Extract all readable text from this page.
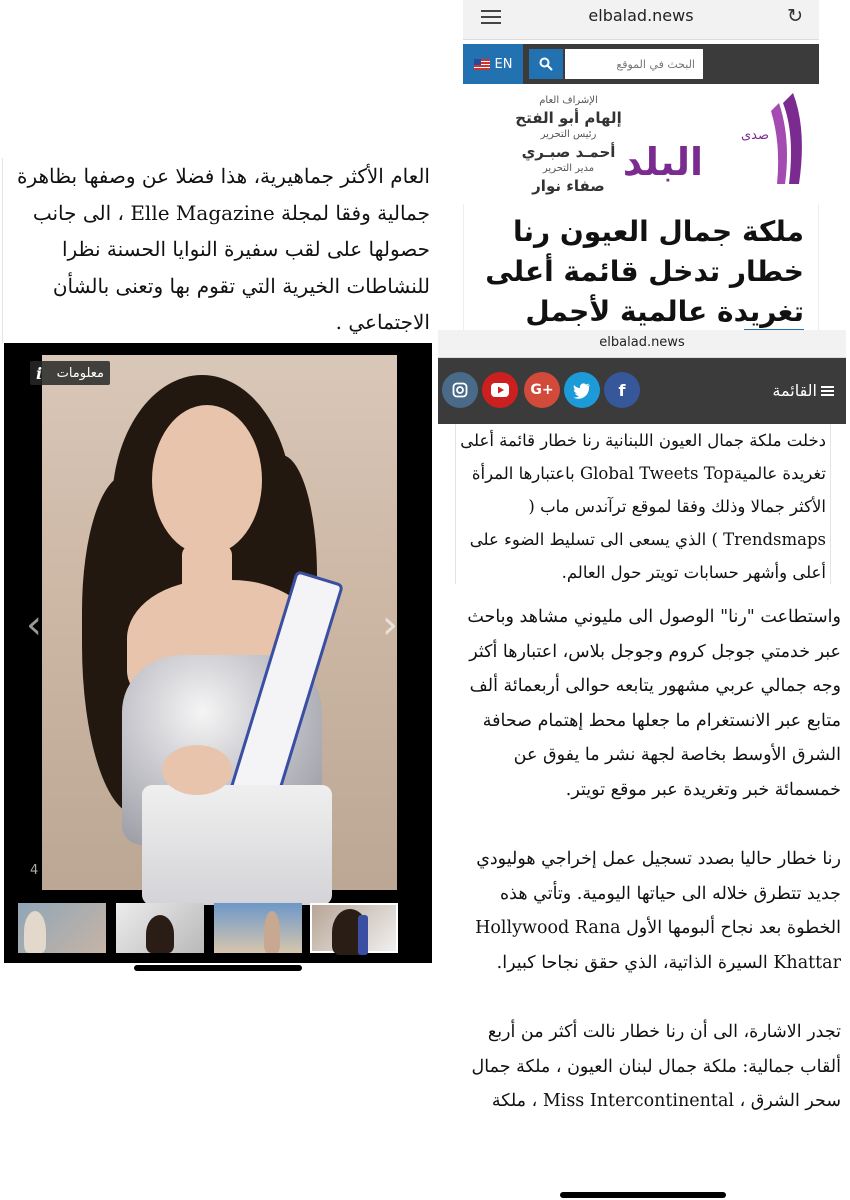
العام الأكثر جماهيرية، هذا فضلا عن وصفها بظاهرة جمالية وفقا لمجلة Elle Magazine ، الى جانب حصولها على لقب سفيرة النوايا الحسنة نظرا للنشاطات الخيرية التي تقوم بها وتعنى بالشأن الاجتماعي .
i معلومات
‹	›
4
elbalad.news	↻
EN
البحث في الموقع
الإشراف العام
إلهام أبو الفتح
رئيس التحرير
أحمـد صبـري
مدير التحرير
صفاء نوار
البلد
صدى
ملكة جمال العيون رنا خطار تدخل قائمة أعلى تغريدة عالمية لأجمل
elbalad.news
G+	f	القائمة
دخلت ملكة جمال العيون اللبنانية رنا خطار قائمة أعلى تغريدة عالميةGlobal Tweets Top باعتبارها المرأة الأكثر جمالا وذلك وفقا لموقع ترآندس ماب ( Trendsmaps ) الذي يسعى الى تسليط الضوء على أعلى وأشهر حسابات تويتر حول العالم.

واستطاعت "رنا" الوصول الى مليوني مشاهد وباحث عبر خدمتي جوجل كروم وجوجل بلاس، اعتبارها أكثر وجه جمالي عربي مشهور يتابعه حوالى أربعمائة ألف متابع عبر الانستغرام ما جعلها محط إهتمام صحافة الشرق الأوسط بخاصة لجهة نشر ما يفوق عن خمسمائة خبر وتغريدة عبر موقع تويتر.

رنا خطار حاليا بصدد تسجيل عمل إخراجي هوليودي جديد تتطرق خلاله الى حياتها اليومية. وتأتي هذه الخطوة بعد نجاح ألبومها الأول Hollywood Rana Khattar السيرة الذاتية، الذي حقق نجاحا كبيرا.

تجدر الاشارة، الى أن رنا خطار نالت أكثر من أربع ألقاب جمالية: ملكة جمال لبنان العيون ، ملكة جمال سحر الشرق ، Miss Intercontinental ، ملكة
